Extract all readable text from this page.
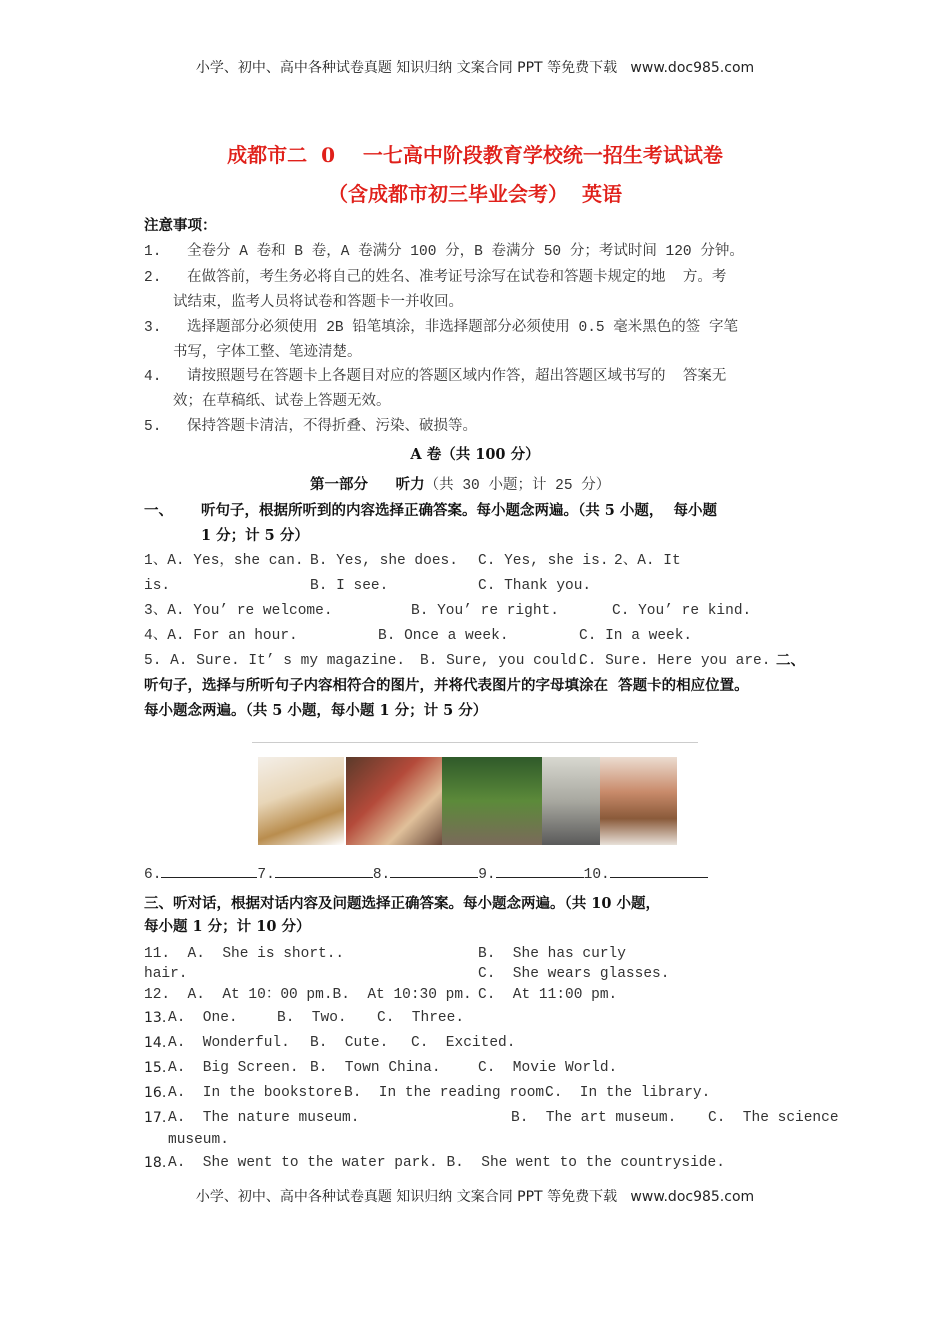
小学、初中、高中各种试卷真题 知识归纳 文案合同 PPT 等免费下载   www.doc985.com
成都市二  0    一七高中阶段教育学校统一招生考试试卷
（含成都市初三毕业会考）  英语
注意事项：
1. 全卷分 A 卷和 B 卷，A 卷满分 100 分，B 卷满分 50 分；考试时间 120 分钟。
2. 在做答前，考生务必将自己的姓名、准考证号涂写在试卷和答题卡规定的地  方。考
试结束，监考人员将试卷和答题卡一并收回。
3. 选择题部分必须使用 2B 铅笔填涂，非选择题部分必须使用 0.5 毫米黑色的签 字笔
书写，字体工整、笔迹清楚。
4. 请按照题号在答题卡上各题目对应的答题区域内作答，超出答题区域书写的  答案无
效；在草稿纸、试卷上答题无效。
5. 保持答题卡清洁，不得折叠、污染、破损等。
A 卷（共 100 分）
第一部分 听力（共 30 小题；计 25 分）
一、 听句子，根据所听到的内容选择正确答案。每小题念两遍。（共 5 小题，  每小题
1 分；计 5 分）
1、A. Yes，she can. B. Yes, she does. C. Yes, she is. 2、A. It
is.	B. I see.	C. Thank you.
3、A. You’ re welcome.	B. You’ re right.	C. You’ re kind.
4、A. For an hour.	B. Once a week.	C. In a week.
5. A. Sure. It’ s my magazine. B. Sure, you could.
C. Sure. Here you are. 二、
听句子，选择与所听句子内容相符合的图片，并将代表图片的字母填涂在  答题卡的相应位置。
每小题念两遍。（共 5 小题，每小题 1 分；计 5 分）
6.	7.	8.	9.	10.
三、听对话，根据对话内容及问题选择正确答案。每小题念两遍。（共 10 小题，
每小题 1 分；计 10 分）
11.  A.  She is short..	B.  She has curly
hair.	C.  She wears glasses.
12.  A.  At 10：00 pm.B.  At 10:30 pm. C.  At 11:00 pm.
13. A.  One.	B.  Two. C.  Three.
14. A.  Wonderful. B.  Cute. C.  Excited.
15. A.  Big Screen. B.  Town China.	C.  Movie World.
16. A.  In the bookstore.
B.  In the reading room.
C.  In the library.
17. A.  The nature museum.	B.  The art museum. C.  The science
museum.
18. A.  She went to the water park. B.  She went to the countryside.
小学、初中、高中各种试卷真题 知识归纳 文案合同 PPT 等免费下载   www.doc985.com
